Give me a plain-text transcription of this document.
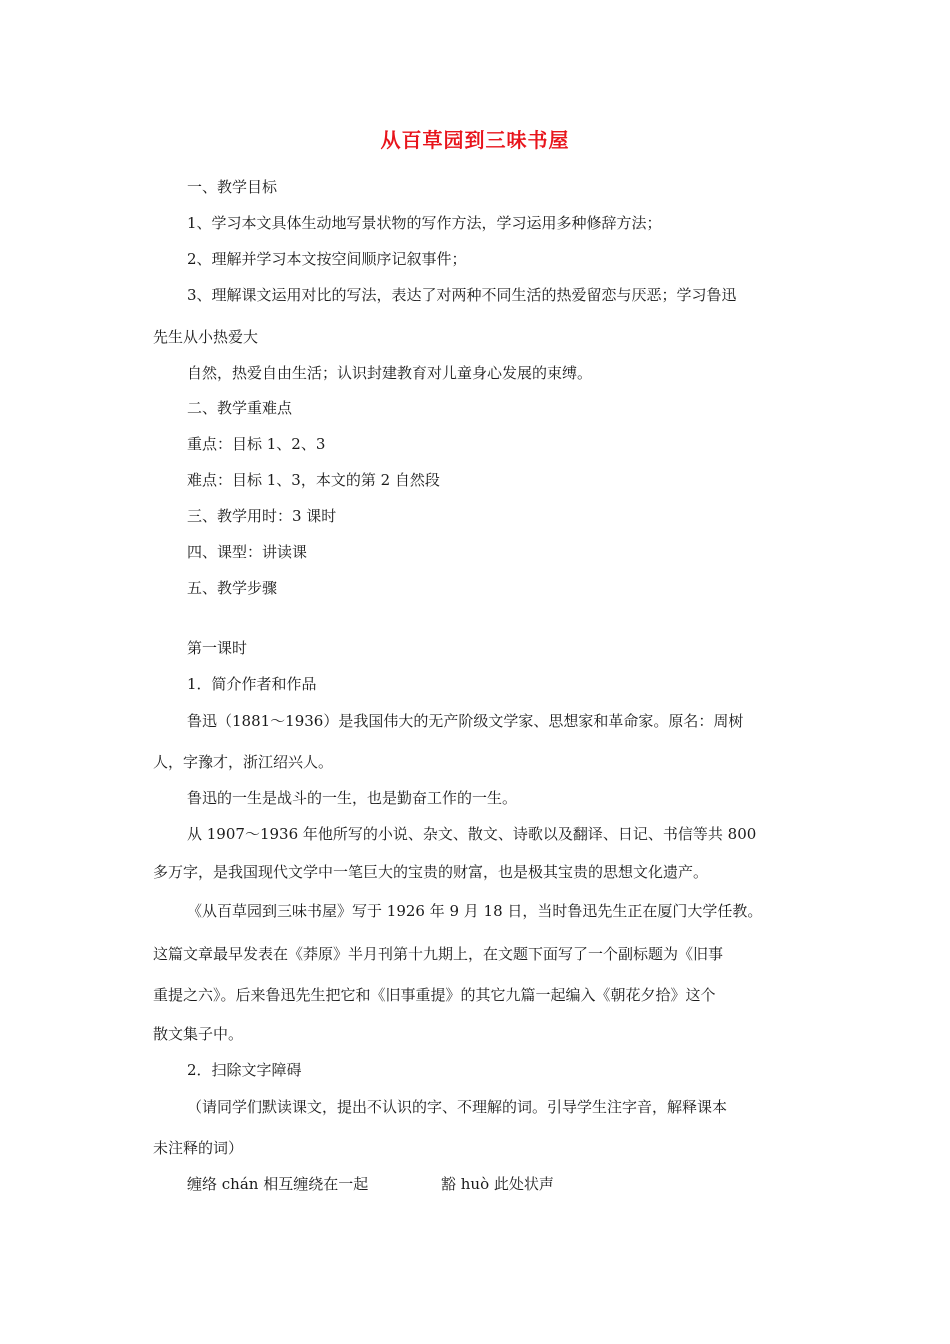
从百草园到三味书屋
一、教学目标
1、学习本文具体生动地写景状物的写作方法，学习运用多种修辞方法；
2、理解并学习本文按空间顺序记叙事件；
3、理解课文运用对比的写法，表达了对两种不同生活的热爱留恋与厌恶；学习鲁迅
先生从小热爱大
自然，热爱自由生活；认识封建教育对儿童身心发展的束缚。
二、教学重难点
重点：目标 1、2、3
难点：目标 1、3，本文的第 2 自然段
三、教学用时：3 课时
四、课型：讲读课
五、教学步骤
第一课时
1．简介作者和作品
鲁迅（1881～1936）是我国伟大的无产阶级文学家、思想家和革命家。原名：周树
人，字豫才，浙江绍兴人。
鲁迅的一生是战斗的一生，也是勤奋工作的一生。
从 1907～1936 年他所写的小说、杂文、散文、诗歌以及翻译、日记、书信等共 800
多万字，是我国现代文学中一笔巨大的宝贵的财富，也是极其宝贵的思想文化遗产。
《从百草园到三味书屋》写于 1926 年 9 月 18 日，当时鲁迅先生正在厦门大学任教。
这篇文章最早发表在《莽原》半月刊第十九期上，在文题下面写了一个副标题为《旧事
重提之六》。后来鲁迅先生把它和《旧事重提》的其它九篇一起编入《朝花夕拾》这个
散文集子中。
2．扫除文字障碍
（请同学们默读课文，提出不认识的字、不理解的词。引导学生注字音，解释课本
未注释的词）
缠络 chán 相互缠绕在一起	豁 huò 此处状声
